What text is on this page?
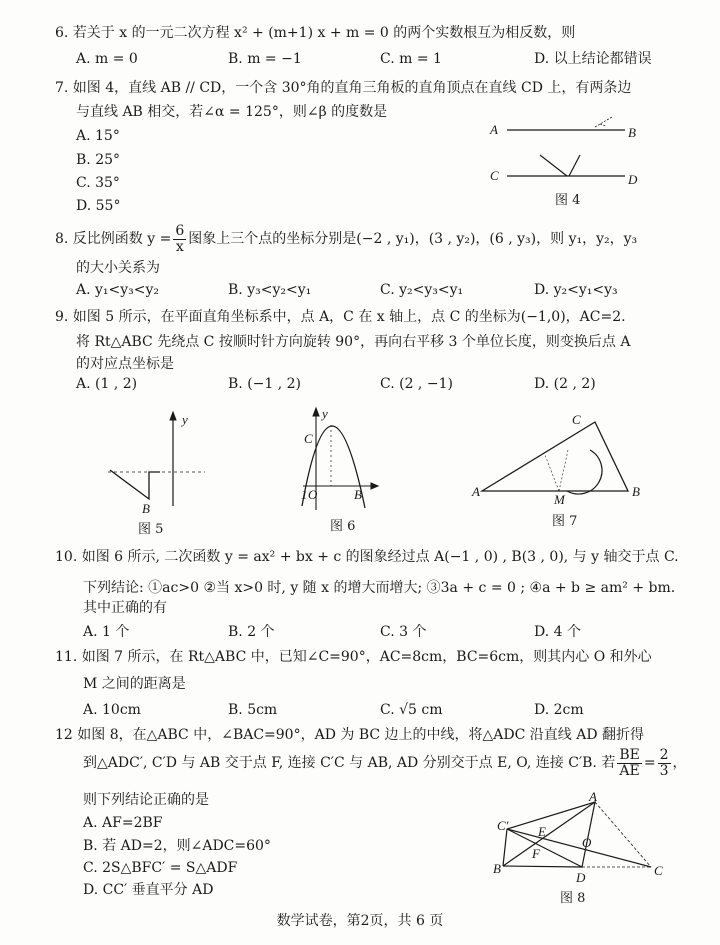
6. 若关于 x 的一元二次方程 x² + (m+1) x + m = 0 的两个实数根互为相反数，则
A. m = 0	B. m = −1	C. m = 1	D. 以上结论都错误
7. 如图 4，直线 AB // CD，一个含 30°角的直角三角板的直角顶点在直线 CD 上，有两条边
与直线 AB 相交，若∠α = 125°，则∠β 的度数是
A. 15°
B. 25°
C. 35°
D. 55°
8. 反比例函数 $y = \frac{6}{x}$ 图象上三个点的坐标分别是(−2 , y₁)，(3 , y₂)，(6 , y₃)，则 y₁，y₂，y₃
的大小关系为
A. y₁<y₃<y₂	B. y₃<y₂<y₁	C. y₂<y₃<y₁	D. y₂<y₁<y₃
9. 如图 5 所示，在平面直角坐标系中，点 A，C 在 x 轴上，点 C 的坐标为(−1,0)，AC=2.
将 Rt△ABC 先绕点 C 按顺时针方向旋转 90°，再向右平移 3 个单位长度，则变换后点 A
的对应点坐标是
A. (1 , 2)	B. (−1 , 2)	C. (2 , −1)	D. (2 , 2)
10. 如图 6 所示, 二次函数 y = ax² + bx + c 的图象经过点 A(−1 , 0) , B(3 , 0), 与 y 轴交于点 C.
下列结论: ①ac>0 ②当 x>0 时, y 随 x 的增大而增大; ③3a + c = 0 ; ④a + b ≥ am² + bm.
其中正确的有
A. 1 个	B. 2 个	C. 3 个	D. 4 个
11. 如图 7 所示，在 Rt△ABC 中，已知∠C=90°，AC=8cm，BC=6cm，则其内心 O 和外心
M 之间的距离是
A. 10cm	B. 5cm	C. √5 cm	D. 2cm
12 如图 8，在△ABC 中，∠BAC=90°，AD 为 BC 边上的中线，将△ADC 沿直线 AD 翻折得
到△ADC′, C′D 与 AB 交于点 F, 连接 C′C 与 AB, AD 分别交于点 E, O, 连接 C′B. 若 $\frac{BE}{AE} = \frac{2}{3}$ ，
则下列结论正确的是
A. AF=2BF
B. 若 AD=2，则∠ADC=60°
C. 2S△BFC′ = S△ADF
D. CC′ 垂直平分 AD
A	B
C	D
图 4
y
B
图 5
y
C
1 O	B
图 6
A	B
C
M
图 7
A
C′ E
O
F
B
D	C
图 8
数学试卷，第2页，共 6 页
